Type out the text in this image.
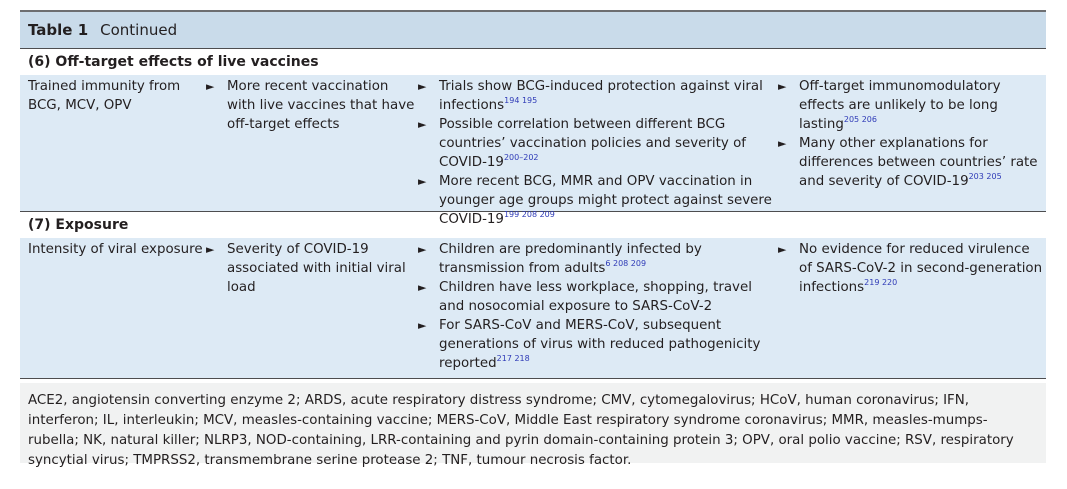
Table 1 Continued
(6) Off-target effects of live vaccines
Trained immunity from BCG, MCV, OPV
► More recent vaccination with live vaccines that have off-target effects
► Trials show BCG-induced protection against viral infections$^{194 195}$
► Possible correlation between different BCG countries’ vaccination policies and severity of COVID-19$^{200-202}$
► More recent BCG, MMR and OPV vaccination in younger age groups might protect against severe COVID-$19^{199 208 209}$
► Off-target immunomodulatory effects are unlikely to be long lasting$^{205 206}$
► Many other explanations for differences between countries’ rate and severity of COVID-$19^{203 205}$
(7) Exposure
Intensity of viral exposure ► Severity of COVID-19 associated with initial viral load
► Children are predominantly infected by transmission from adults$^{6 208 209}$
► Children have less workplace, shopping, travel and nosocomial exposure to SARS-CoV-2
► For SARS-CoV and MERS-CoV, subsequent generations of virus with reduced pathogenicity reported$^{217 218}$
► No evidence for reduced virulence of SARS-CoV-2 in second-generation infections$^{219 220}$
ACE2, angiotensin converting enzyme 2; ARDS, acute respiratory distress syndrome; CMV, cytomegalovirus; HCoV, human coronavirus; IFN, interferon; IL, interleukin; MCV, measles-containing vaccine; MERS-CoV, Middle East respiratory syndrome coronavirus; MMR, measles-mumps-rubella; NK, natural killer; NLRP3, NOD-containing, LRR-containing and pyrin domain-containing protein 3; OPV, oral polio vaccine; RSV, respiratory syncytial virus; TMPRSS2, transmembrane serine protease 2; TNF, tumour necrosis factor.
